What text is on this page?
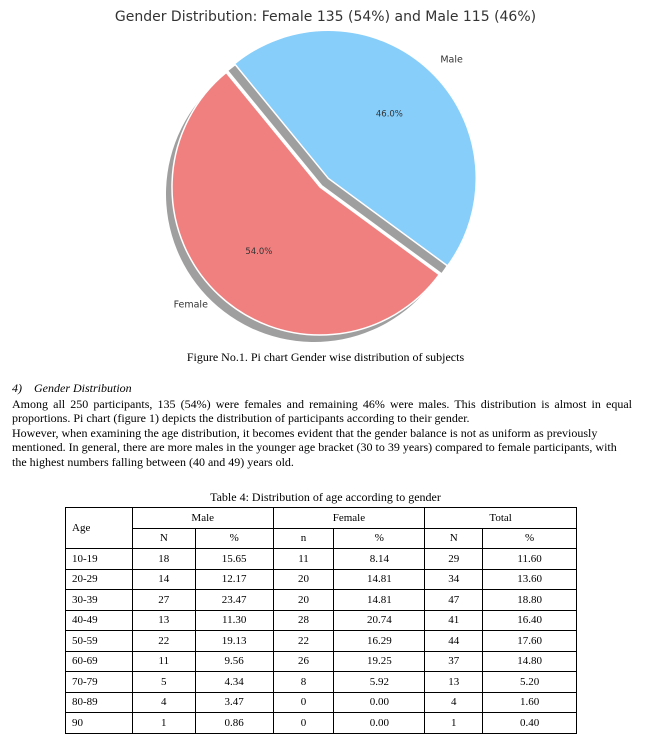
Gender Distribution: Female 135 (54%) and Male 115 (46%)
Male
46.0%
Female
54.0%
Figure No.1. Pi chart Gender wise distribution of subjects
4) Gender Distribution
Among all 250 participants, 135 (54%) were females and remaining 46% were males. This distribution is almost in equal proportions. Pi chart (figure 1) depicts the distribution of participants according to their gender.
However, when examining the age distribution, it becomes evident that the gender balance is not as uniform as previously mentioned. In general, there are more males in the younger age bracket (30 to 39 years) compared to female participants, with the highest numbers falling between (40 and 49) years old.
Table 4: Distribution of age according to gender
Age	Male		Female		Total	
	N	%	n	%	N	%
10-19	18	15.65	11	8.14	29	11.60
20-29	14	12.17	20	14.81	34	13.60
30-39	27	23.47	20	14.81	47	18.80
40-49	13	11.30	28	20.74	41	16.40
50-59	22	19.13	22	16.29	44	17.60
60-69	11	9.56	26	19.25	37	14.80
70-79	5	4.34	8	5.92	13	5.20
80-89	4	3.47	0	0.00	4	1.60
90	1	0.86	0	0.00	1	0.40
